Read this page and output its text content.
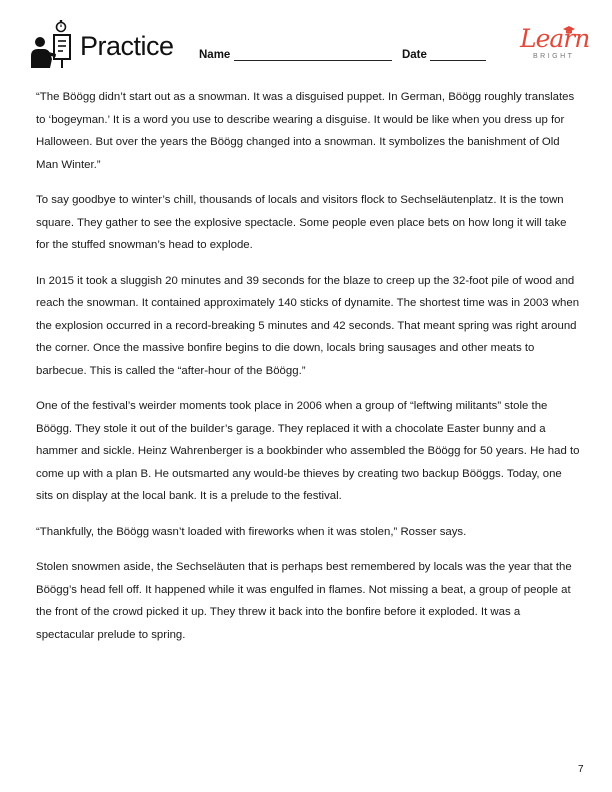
Practice Name	Date
Learn
BRIGHT

“The Böögg didn’t start out as a snowman. It was a disguised puppet. In German, Böögg roughly translates to ‘bogeyman.’ It is a word you use to describe wearing a disguise. It would be like when you dress up for Halloween. But over the years the Böögg changed into a snowman. It symbolizes the banishment of Old Man Winter.”

To say goodbye to winter’s chill, thousands of locals and visitors flock to Sechseläutenplatz. It is the town square. They gather to see the explosive spectacle. Some people even place bets on how long it will take for the stuffed snowman’s head to explode.

In 2015 it took a sluggish 20 minutes and 39 seconds for the blaze to creep up the 32-foot pile of wood and reach the snowman. It contained approximately 140 sticks of dynamite. The shortest time was in 2003 when the explosion occurred in a record-breaking 5 minutes and 42 seconds. That meant spring was right around the corner. Once the massive bonfire begins to die down, locals bring sausages and other meats to barbecue. This is called the “after-hour of the Böögg.”

One of the festival’s weirder moments took place in 2006 when a group of “leftwing militants” stole the Böögg. They stole it out of the builder’s garage. They replaced it with a chocolate Easter bunny and a hammer and sickle. Heinz Wahrenberger is a bookbinder who assembled the Böögg for 50 years. He had to come up with a plan B. He outsmarted any would-be thieves by creating two backup Bööggs. Today, one sits on display at the local bank. It is a prelude to the festival.

“Thankfully, the Böögg wasn’t loaded with fireworks when it was stolen,” Rosser says.

Stolen snowmen aside, the Sechseläuten that is perhaps best remembered by locals was the year that the Böögg’s head fell off. It happened while it was engulfed in flames. Not missing a beat, a group of people at the front of the crowd picked it up. They threw it back into the bonfire before it exploded. It was a spectacular prelude to spring.

7
